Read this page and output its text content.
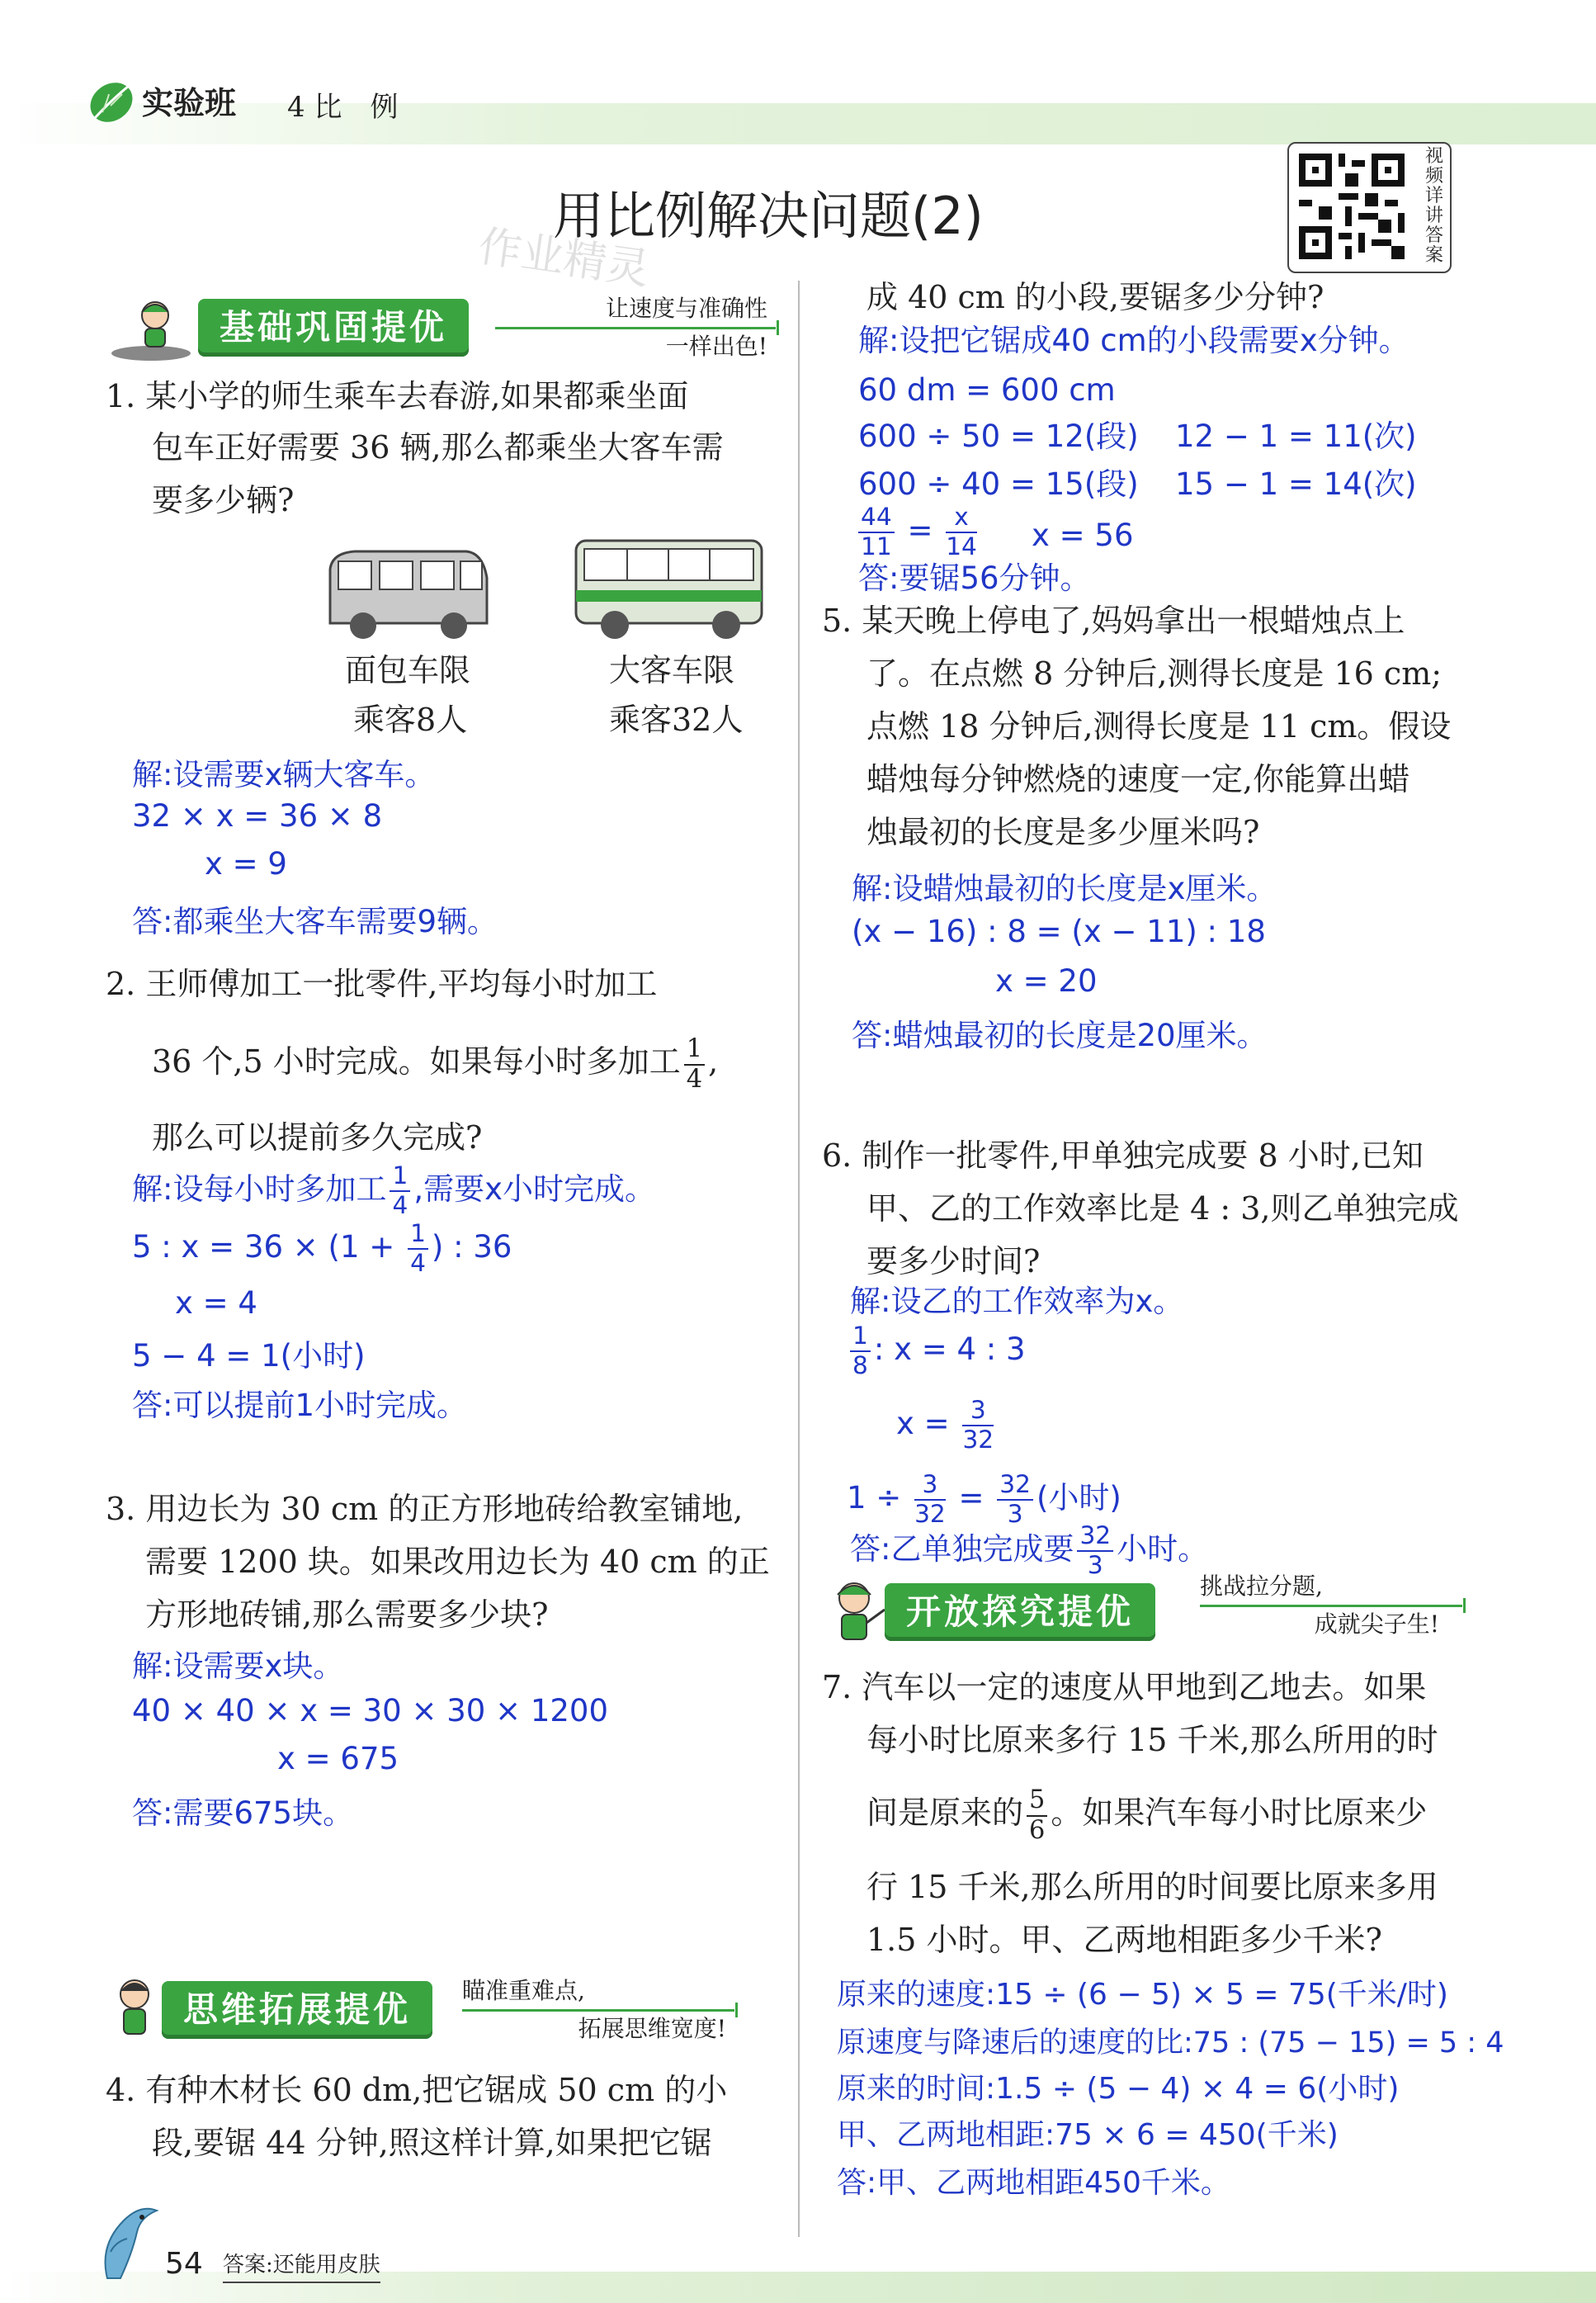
实验班 4 比　例
用比例解决问题(2)
作业精灵
视频详讲答案
基础巩固提优	让速度与准确性
一样出色!
1. 某小学的师生乘车去春游,如果都乘坐面
包车正好需要 36 辆,那么都乘坐大客车需
要多少辆?
面包车限
乘客8人
大客车限
乘客32人
解:设需要x辆大客车。
32 × x = 36 × 8
x = 9
答:都乘坐大客车需要9辆。
2. 王师傅加工一批零件,平均每小时加工
36 个,5 小时完成。如果每小时多加工 $\frac{1}{4}$ ,
那么可以提前多久完成?
解:设每小时多加工 $\frac{1}{4}$ ,需要x小时完成。
5 : $x = 36 \times (1 + \frac{1}{4}$ ) : 36
x = 4
5 − 4 = 1(小时)
答:可以提前1小时完成。
3. 用边长为 30 cm 的正方形地砖给教室铺地,
需要 1200 块。如果改用边长为 40 cm 的正
方形地砖铺,那么需要多少块?
解:设需要x块。
40 × 40 × x = 30 × 30 × 1200
x = 675
答:需要675块。
思维拓展提优	瞄准重难点,
拓展思维宽度!
4. 有种木材长 60 dm,把它锯成 50 cm 的小
段,要锯 44 分钟,照这样计算,如果把它锯
成 40 cm 的小段,要锯多少分钟?
解:设把它锯成40 cm的小段需要x分钟。
60 dm = 600 cm
600 ÷ 50 = 12(段) 12 − 1 = 11(次)
600 ÷ 40 = 15(段) 15 − 1 = 14(次)
$\frac{44}{11} = \frac{x}{14}$ x = 56
答:要锯56分钟。
5. 某天晚上停电了,妈妈拿出一根蜡烛点上
了。在点燃 8 分钟后,测得长度是 16 cm;
点燃 18 分钟后,测得长度是 11 cm。假设
蜡烛每分钟燃烧的速度一定,你能算出蜡
烛最初的长度是多少厘米吗?
解:设蜡烛最初的长度是x厘米。
(x − 16) : 8 = (x − 11) : 18
x = 20
答:蜡烛最初的长度是20厘米。
6. 制作一批零件,甲单独完成要 8 小时,已知
甲、乙的工作效率比是 4 : 3,则乙单独完成
要多少时间?
解:设乙的工作效率为x。
$\frac{1}{8}$ : x = 4 : 3
$x = \frac{3}{32}$
$1 \div \frac{3}{32} = \frac{32}{3}$ (小时)
答:乙单独完成要 $\frac{32}{3}$ 小时。
开放探究提优
挑战拉分题,
成就尖子生!
7. 汽车以一定的速度从甲地到乙地去。如果
每小时比原来多行 15 千米,那么所用的时
间是原来的 $\frac{5}{6}$ 。如果汽车每小时比原来少
行 15 千米,那么所用的时间要比原来多用
1.5 小时。甲、乙两地相距多少千米?
原来的速度:15 ÷ (6 − 5) × 5 = 75(千米/时)
原速度与降速后的速度的比:75 : (75 − 15) = 5 : 4
原来的时间:1.5 ÷ (5 − 4) × 4 = 6(小时)
甲、乙两地相距:75 × 6 = 450(千米)
答:甲、乙两地相距450千米。
54 答案:还能用皮肤
